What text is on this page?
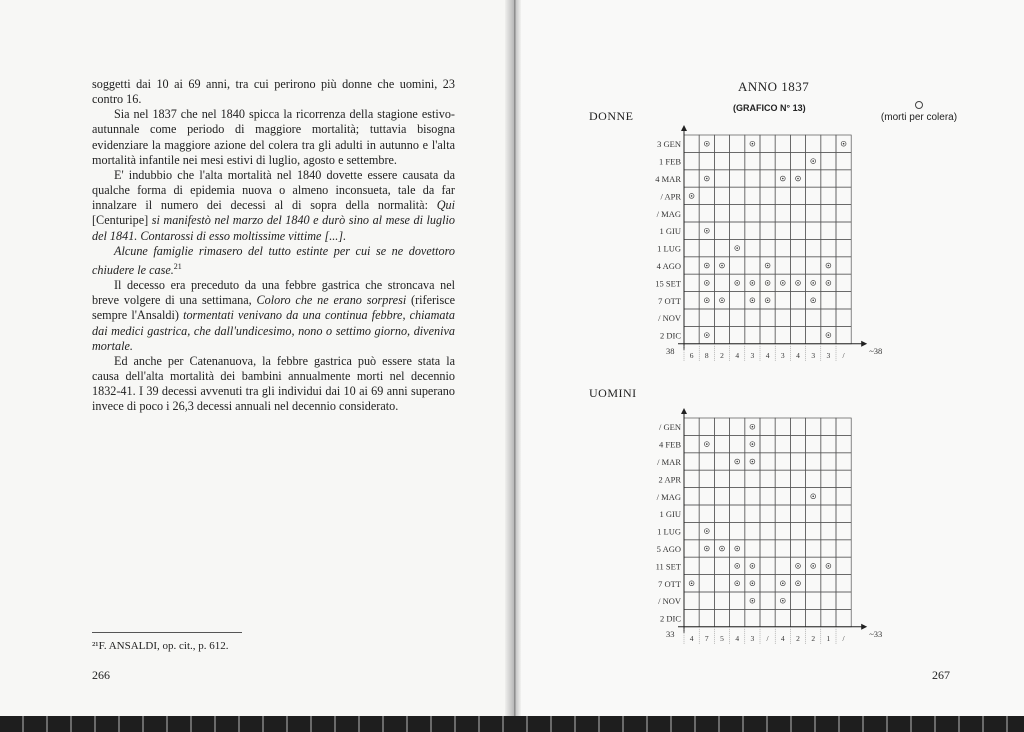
soggetti dai 10 ai 69 anni, tra cui perirono più donne che uomini, 23 contro 16.

Sia nel 1837 che nel 1840 spicca la ricorrenza della stagione estivo-autunnale come periodo di maggiore mortalità; tuttavia bisogna evidenziare la maggiore azione del colera tra gli adulti in autunno e l'alta mortalità infantile nei mesi estivi di luglio, agosto e settembre.

E' indubbio che l'alta mortalità nel 1840 dovette essere causata da qualche forma di epidemia nuova o almeno inconsueta, tale da far innalzare il numero dei decessi al di sopra della normalità: Qui [Centuripe] si manifestò nel marzo del 1840 e durò sino al mese di luglio del 1841. Contarossi di esso moltissime vittime [...].

Alcune famiglie rimasero del tutto estinte per cui se ne dovettoro chiudere le case.$^{21}$

Il decesso era preceduto da una febbre gastrica che stroncava nel breve volgere di una settimana, Coloro che ne erano sorpresi (riferisce sempre l'Ansaldi) tormentati venivano da una continua febbre, chiamata dai medici gastrica, che dall'undicesimo, nono o settimo giorno, diveniva mortale.

Ed anche per Catenanuova, la febbre gastrica può essere stata la causa dell'alta mortalità dei bambini annualmente morti nel decennio 1832-41. I 39 decessi avvenuti tra gli individui dai 10 ai 69 anni superano invece di poco i 26,3 decessi annuali nel decennio considerato.

²¹F. ANSALDI, op. cit., p. 612.
266
ANNO 1837
(GRAFICO N° 13)

(morti per colera)
DONNE
UOMINI
3 GEN
1 FEB
4 MAR
/ APR
/ MAG
1 GIU
1 LUG
4 AGO
15 SET
7 OTT
/ NOV
2 DIC
38	~38
6 8 2 4 3 4 3 4 3 3 /
/ GEN
4 FEB
/ MAR
2 APR
/ MAG
1 GIU
1 LUG
5 AGO
11 SET
7 OTT
/ NOV
2 DIC
33	~33
4 7 5 4 3 / 4 2 2 1 /
267
